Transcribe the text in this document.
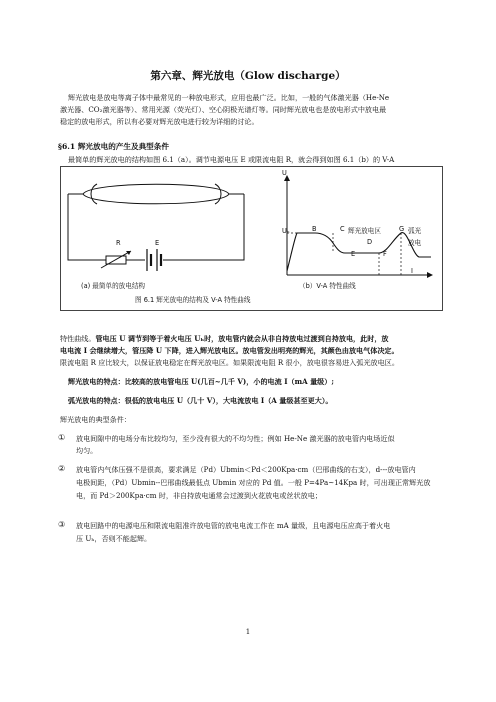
第六章、辉光放电（Glow discharge）
辉光放电是放电等离子体中最常见的一种放电形式，应用也最广泛。比如，一般的气体激光器（He-Ne
激光器、CO₂激光器等）、常用光源（荧光灯）、空心阴极光谱灯等。同时辉光放电也是放电形式中放电最
稳定的放电形式，所以有必要对辉光放电进行较为详细的讨论。
§6.1 辉光放电的产生及典型条件
最简单的辉光放电的结构如图 6.1（a）。调节电源电压 E 或限流电阻 R，就会得到如图 6.1（b）的 V-A
R	E
U
I
Uₕ	B	C 辉光放电区	G 弧光
放电
D
E	F
(a) 最简单的放电结构	（b）V-A 特性曲线
图 6.1 辉光放电的结构及 V-A 特性曲线
特性曲线。管电压 U 调节到等于着火电压 Uₕ时，放电管内就会从非自持放电过渡到自持放电，此时，放
电电流 I 会继续增大，管压降 U 下降，进入辉光放电区。放电管发出明亮的辉光，其颜色由放电气体决定。
限流电阻 R 应比较大，以保证放电稳定在辉光放电区。如果限流电阻 R 很小，放电很容易进入弧光放电区。
辉光放电的特点：比较高的放电管电压 U(几百~几千 V)，小的电流 I（mA 量级）;
弧光放电的特点：很低的放电电压 U（几十 V），大电流放电 I（A 量级甚至更大）。
辉光放电的典型条件：
① 放电间隙中的电场分布比较均匀，至少没有很大的不均匀性；例如 He-Ne 激光器的放电管内电场近似
均匀。
② 放电管内气体压强不是很高，要求满足（Pd）Ubmin＜Pd＜200Kpa·cm（巴邢曲线的右支），d---放电管内
电极间距，（Pd）Ubmin--巴邢曲线最低点 Ubmin 对应的 Pd 值。一般 P=4Pa~14Kpa 时，可出现正常辉光放
电，而 Pd＞200Kpa·cm 时，非自持放电通常会过渡到火花放电或丝状放电；
③ 放电回路中的电源电压和限流电阻准许放电管的放电电流工作在 mA 量级，且电源电压应高于着火电
压 Uₕ，否则不能起辉。
1
